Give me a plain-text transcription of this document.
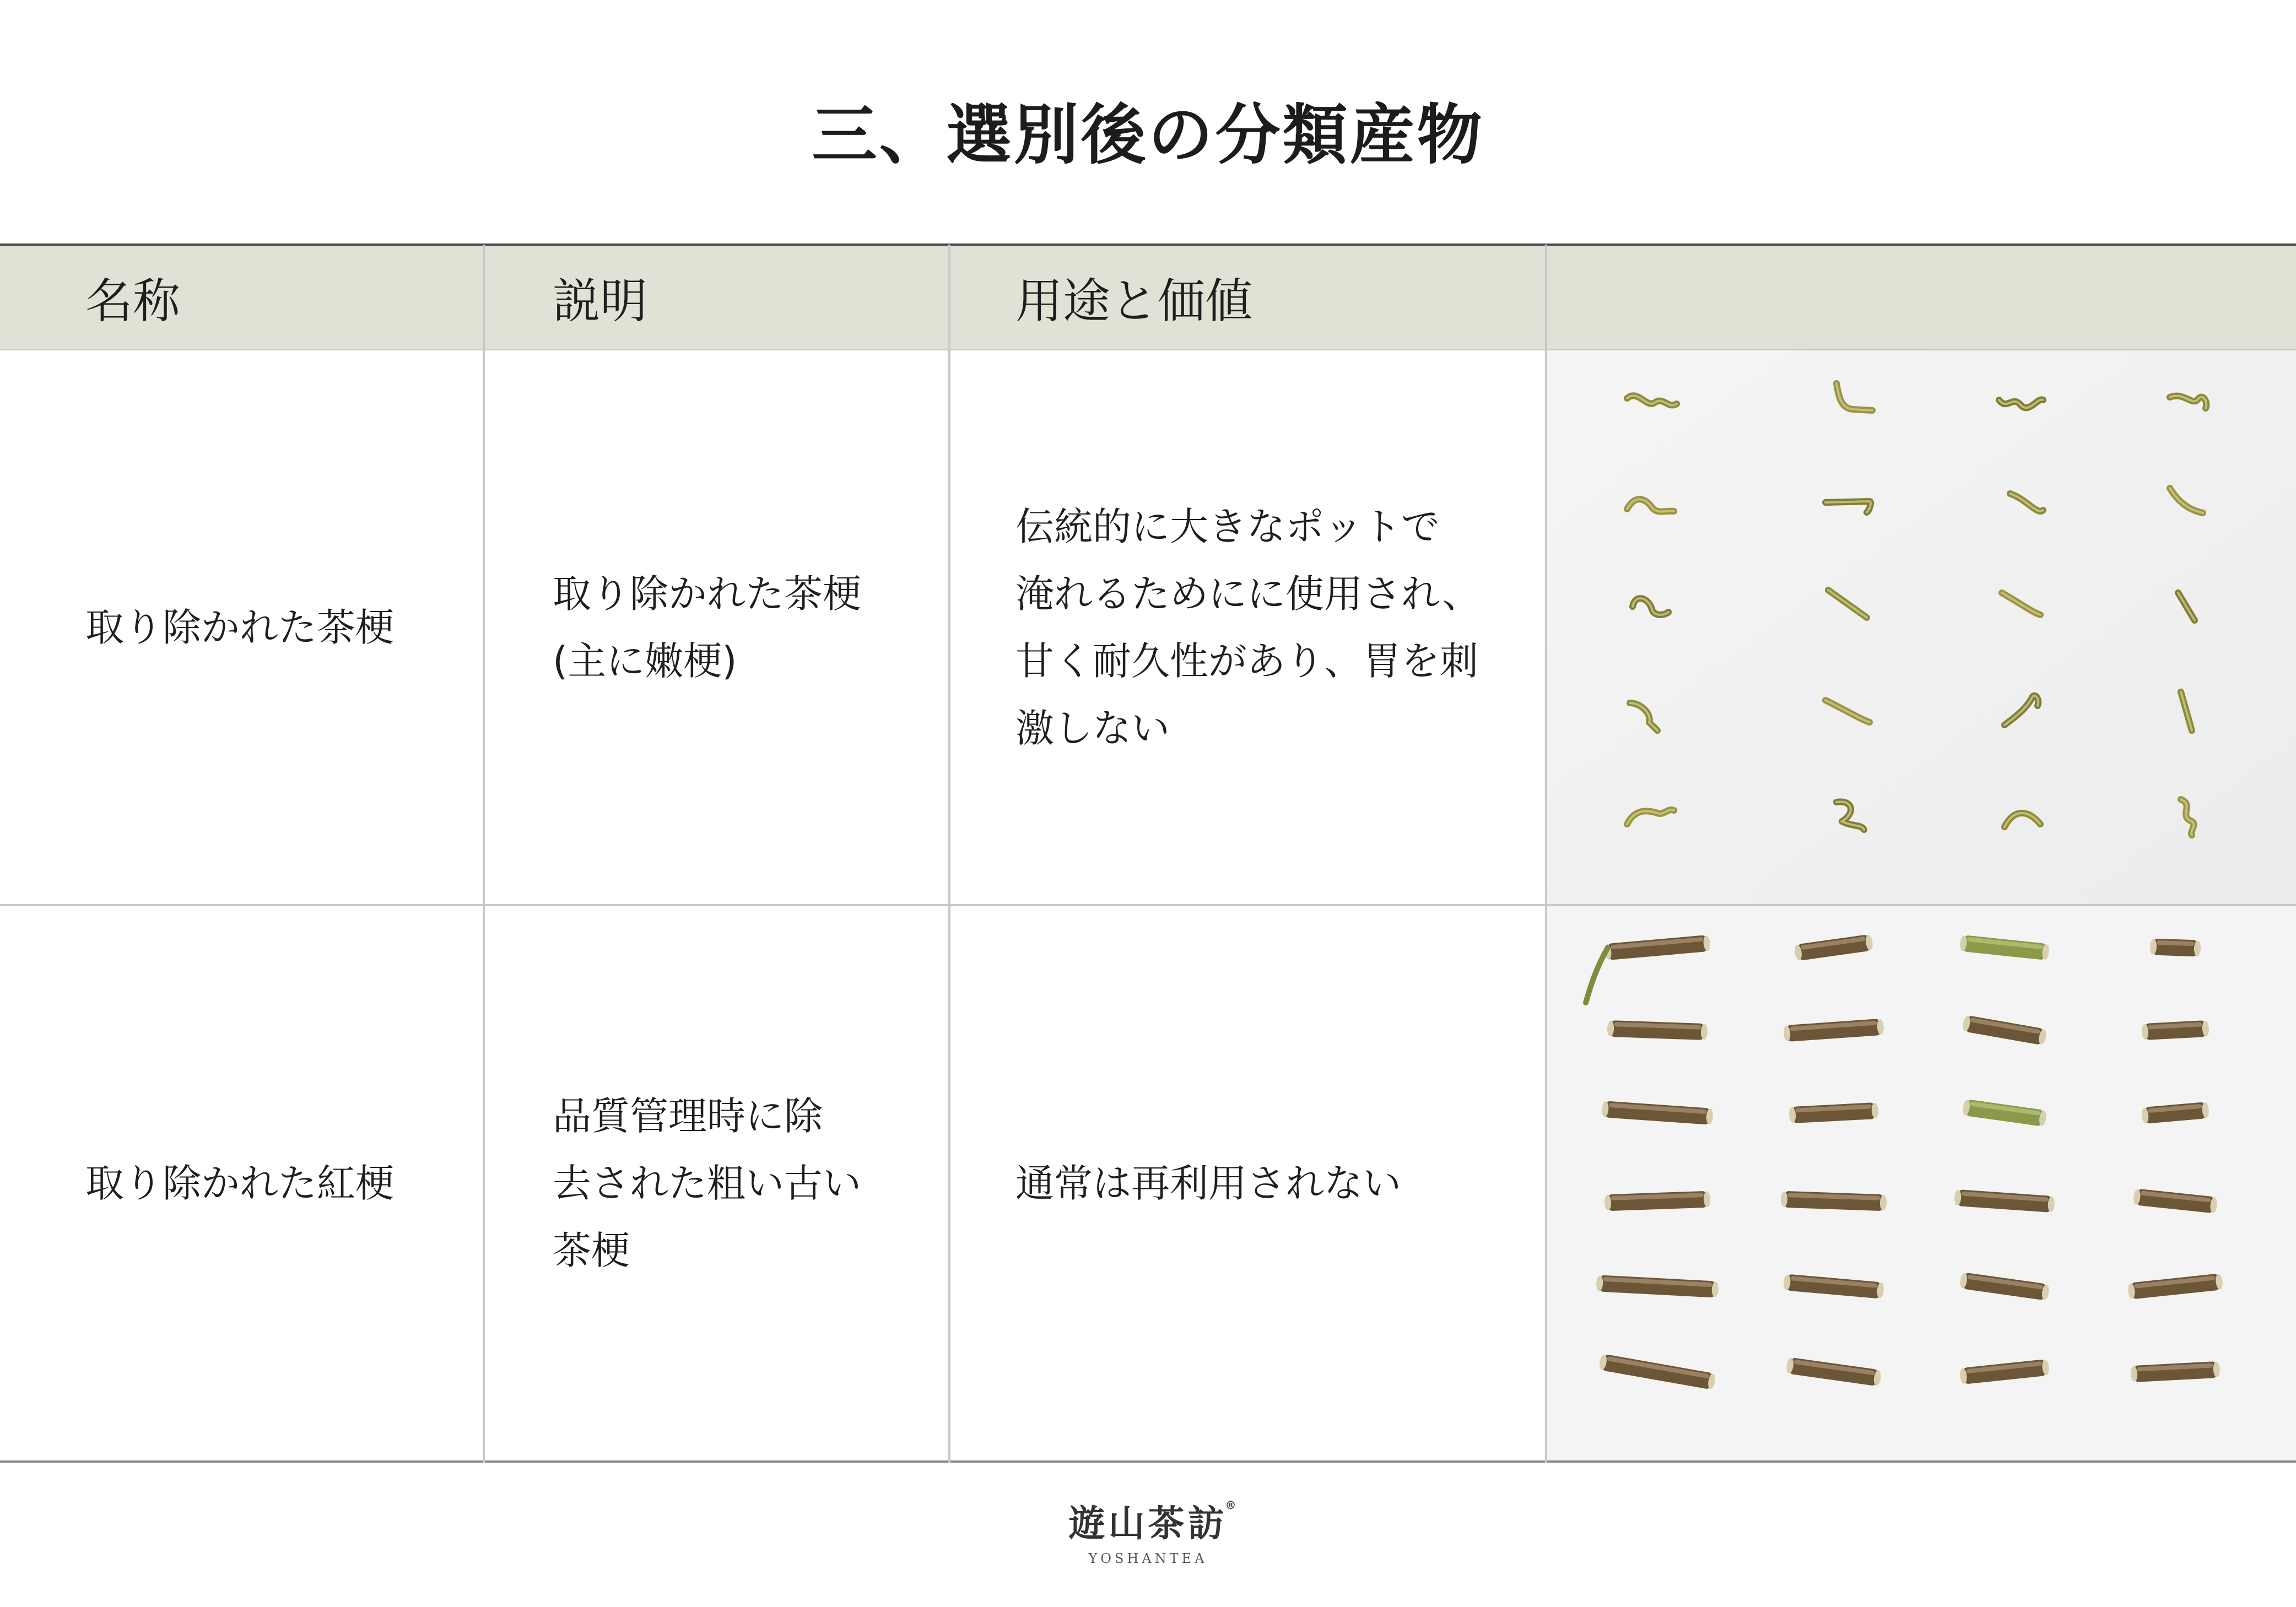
三、選別後の分類産物
名称	説明	用途と価値
取り除かれた茶梗
取り除かれた茶梗
(主に嫩梗)
伝統的に大きなポットで
淹れるためにに使用され、
甘く耐久性があり、胃を刺
激しない
取り除かれた紅梗
品質管理時に除
去された粗い古い
茶梗
通常は再利用されない
遊山茶訪
®
YOSHANTEA
